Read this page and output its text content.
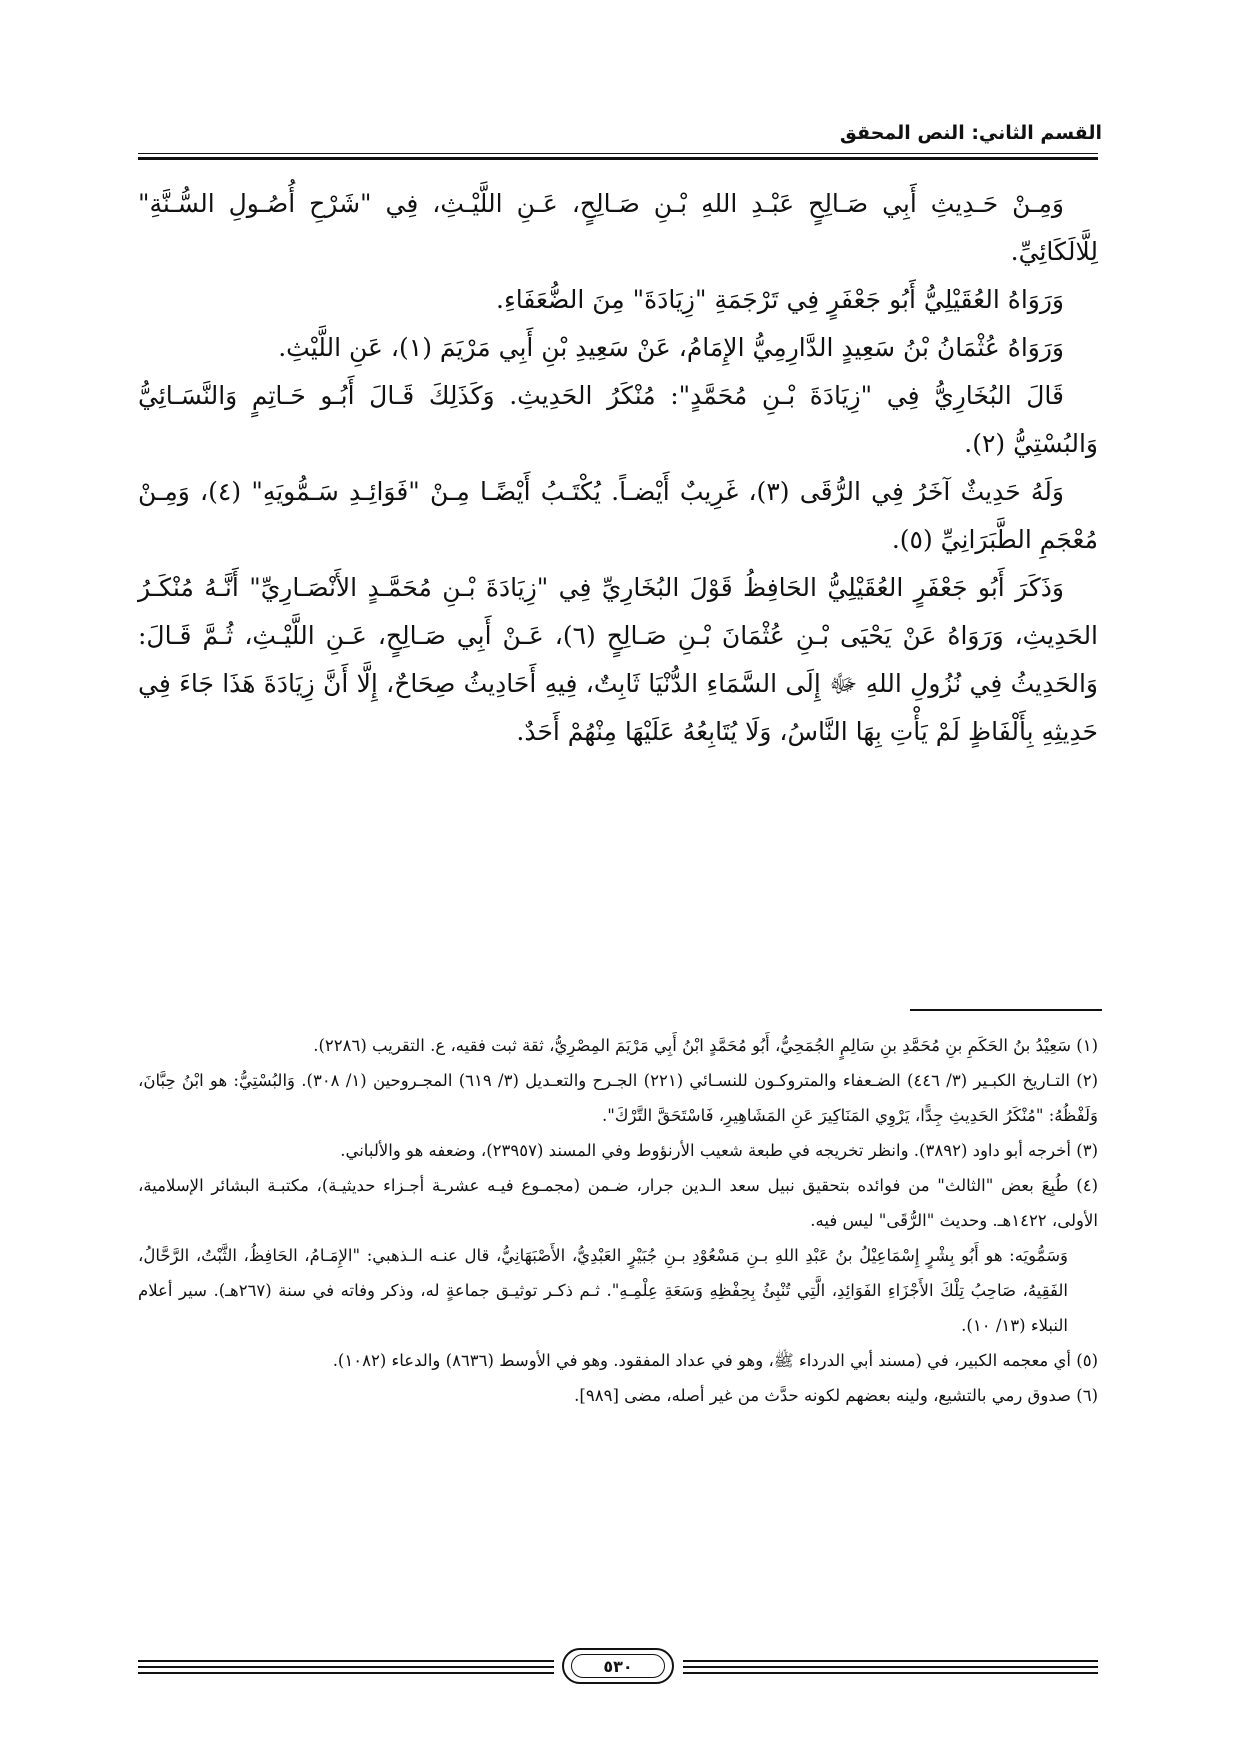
القسم الثاني: النص المحقق

وَمِـنْ حَـدِيثِ أَبِي صَـالِحٍ عَبْـدِ اللهِ بْـنِ صَـالِحٍ، عَـنِ اللَّيْـثِ، فِي "شَرْحِ أُصُـولِ السُّـنَّةِ" لِلَّالَكَائِيِّ.

وَرَوَاهُ العُقَيْلِيُّ أَبُو جَعْفَرٍ فِي تَرْجَمَةِ "زِيَادَةَ" مِنَ الضُّعَفَاءِ.

وَرَوَاهُ عُثْمَانُ بْنُ سَعِيدٍ الدَّارِمِيُّ الإِمَامُ، عَنْ سَعِيدِ بْنِ أَبِي مَرْيَمَ (١)، عَنِ اللَّيْثِ.

قَالَ البُخَارِيُّ فِي "زِيَادَةَ بْـنِ مُحَمَّدٍ": مُنْكَرُ الحَدِيثِ. وَكَذَلِكَ قَـالَ أَبُـو حَـاتِمٍ وَالنَّسَـائِيُّ وَالبُسْتِيُّ (٢).

وَلَهُ حَدِيثٌ آخَرُ فِي الرُّقَى (٣)، غَرِيبٌ أَيْضـاً. يُكْتَـبُ أَيْضًـا مِـنْ "فَوَائِـدِ سَـمُّويَهِ" (٤)، وَمِـنْ مُعْجَمِ الطَّبَرَانِيِّ (٥).

وَذَكَرَ أَبُو جَعْفَرٍ العُقَيْلِيُّ الحَافِظُ قَوْلَ البُخَارِيِّ فِي "زِيَادَةَ بْـنِ مُحَمَّـدٍ الأَنْصَـارِيِّ" أَنَّـهُ مُنْكَـرُ الحَدِيثِ، وَرَوَاهُ عَنْ يَحْيَى بْـنِ عُثْمَانَ بْـنِ صَـالِحٍ (٦)، عَـنْ أَبِي صَـالِحٍ، عَـنِ اللَّيْـثِ، ثُـمَّ قَـالَ: وَالحَدِيثُ فِي نُزُولِ اللهِ ﷻ إِلَى السَّمَاءِ الدُّنْيَا ثَابِتٌ، فِيهِ أَحَادِيثُ صِحَاحٌ، إِلَّا أَنَّ زِيَادَةَ هَذَا جَاءَ فِي حَدِيثِهِ بِأَلْفَاظٍ لَمْ يَأْتِ بِهَا النَّاسُ، وَلَا يُتَابِعُهُ عَلَيْهَا مِنْهُمْ أَحَدٌ.

(١) سَعِيْدُ بنُ الحَكَمِ بنِ مُحَمَّدِ بنِ سَالِمٍ الجُمَحِيُّ، أَبُو مُحَمَّدٍ ابْنُ أَبِي مَرْيَمَ المِصْرِيُّ، ثقة ثبت فقيه، ع. التقريب (٢٢٨٦).

(٢) التـاريخ الكبـير (٣/ ٤٤٦) الضـعفاء والمتروكـون للنسـائي (٢٢١) الجـرح والتعـديل (٣/ ٦١٩) المجـروحين (١/ ٣٠٨). وَالبُسْتِيُّ: هو ابْنُ حِبَّانَ، وَلَفْظُهُ: "مُنْكَرُ الحَدِيثِ جِدًّا، يَرْوِي المَنَاكِيرَ عَنِ المَشَاهِيرِ، فَاسْتَحَقَّ التَّرْكَ".

(٣) أخرجه أبو داود (٣٨٩٢). وانظر تخريجه في طبعة شعيب الأرنؤوط وفي المسند (٢٣٩٥٧)، وضعفه هو والألباني.

(٤) طُبِعَ بعض "الثالث" من فوائده بتحقيق نبيل سعد الـدين جرار، ضـمن (مجمـوع فيـه عشرـة أجـزاء حديثيـة)، مكتبـة البشائر الإسلامية، الأولى، ١٤٢٢هـ. وحديث "الرُّقَى" ليس فيه.

وَسَمُّويَه: هو أَبُو بِشْرٍ إِسْمَاعِيْلُ بنُ عَبْدِ اللهِ بـنِ مَسْعُوْدِ بـنِ جُبَيْرٍ العَبْدِيُّ، الأَصْبَهَانِيُّ، قال عنـه الـذهبي: "الإِمَـامُ، الحَافِظُ، الثَّبْتُ، الرَّحَّالُ، الفَقِيهُ، صَاحِبُ تِلْكَ الأَجْزَاءِ الفَوَائِدِ، الَّتِي تُنْبِئُ بِحِفْظِهِ وَسَعَةِ عِلْمِـهِ". ثـم ذكـر توثيـق جماعةٍ له، وذكر وفاته في سنة (٢٦٧هـ). سير أعلام النبلاء (١٣/ ١٠).

(٥) أي معجمه الكبير، في (مسند أبي الدرداء ﷺ، وهو في عداد المفقود. وهو في الأوسط (٨٦٣٦) والدعاء (١٠٨٢).

(٦) صدوق رمي بالتشيع، ولينه بعضهم لكونه حدَّث من غير أصله، مضى [٩٨٩].

٥٣٠
